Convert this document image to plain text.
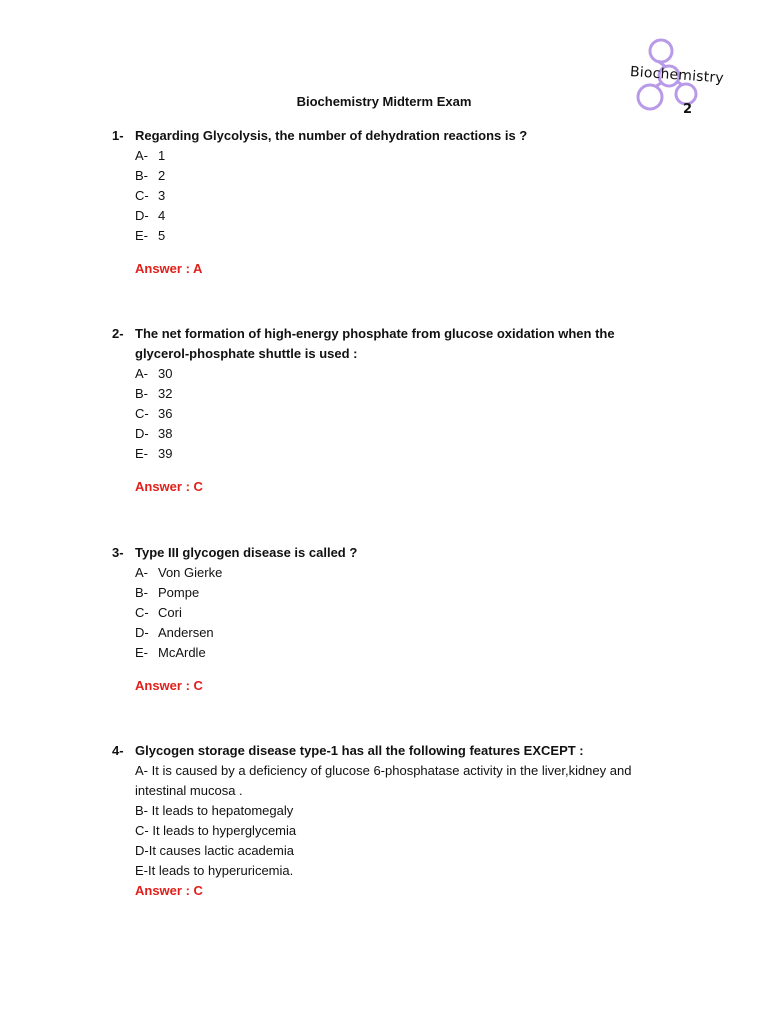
Biochemistry
2
Biochemistry Midterm Exam
1- Regarding Glycolysis, the number of dehydration reactions is ?
A- 1
B- 2
C- 3
D- 4
E- 5
Answer : A
2- The net formation of high-energy phosphate from glucose oxidation when the glycerol-phosphate shuttle is used :
A- 30
B- 32
C- 36
D- 38
E- 39
Answer : C
3- Type III glycogen disease is called ?
A- Von Gierke
B- Pompe
C- Cori
D- Andersen
E- McArdle
Answer : C
4- Glycogen storage disease type-1 has all the following features EXCEPT :
A- It is caused by a deficiency of glucose 6-phosphatase activity in the liver,kidney and intestinal mucosa .
B- It leads to hepatomegaly
C- It leads to hyperglycemia
D-It causes lactic academia
E-It leads to hyperuricemia.
Answer : C
